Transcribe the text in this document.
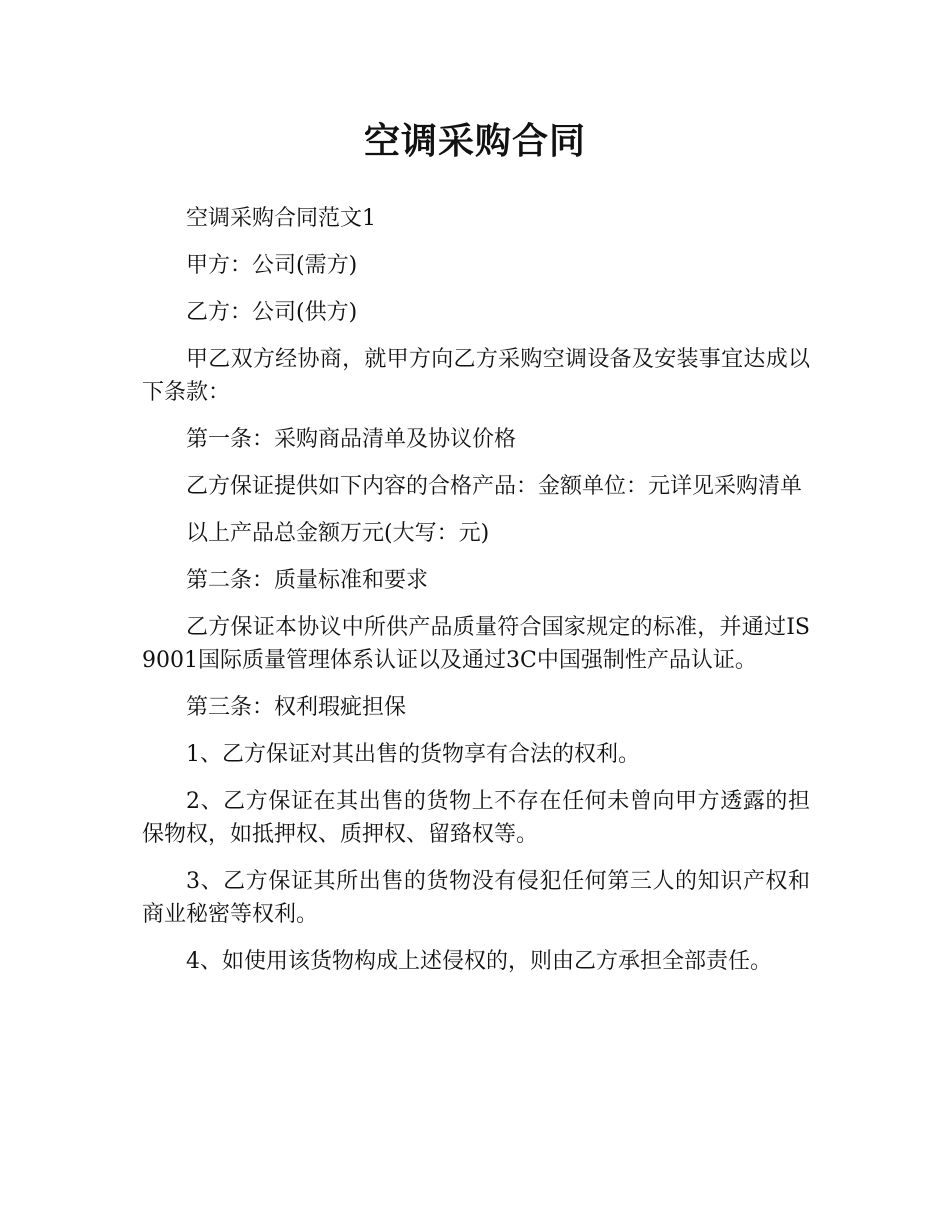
空调采购合同

空调采购合同范文1

甲方：公司(需方)

乙方：公司(供方)

甲乙双方经协商，就甲方向乙方采购空调设备及安装事宜达成以下条款：

第一条：采购商品清单及协议价格

乙方保证提供如下内容的合格产品：金额单位：元详见采购清单

以上产品总金额万元(大写：元)

第二条：质量标准和要求

乙方保证本协议中所供产品质量符合国家规定的标准，并通过IS9001国际质量管理体系认证以及通过3C中国强制性产品认证。

第三条：权利瑕疵担保

1、乙方保证对其出售的货物享有合法的权利。

2、乙方保证在其出售的货物上不存在任何未曾向甲方透露的担保物权，如抵押权、质押权、留臵权等。

3、乙方保证其所出售的货物没有侵犯任何第三人的知识产权和商业秘密等权利。

4、如使用该货物构成上述侵权的，则由乙方承担全部责任。
